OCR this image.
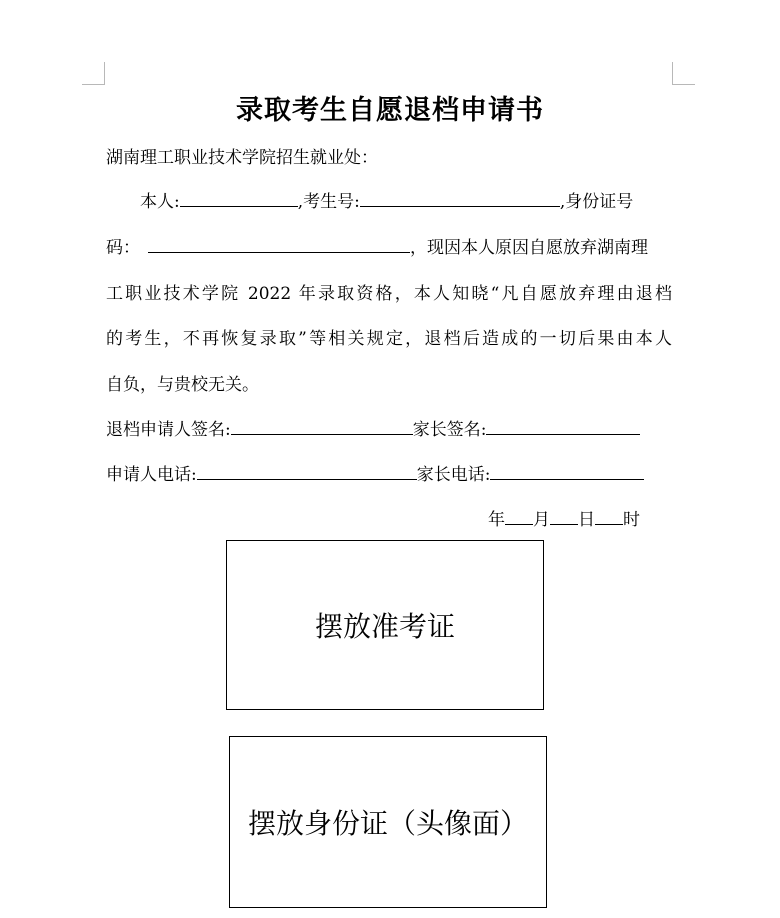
录取考生自愿退档申请书
湖南理工职业技术学院招生就业处：
本人:	,考生号:	,身份证号
码：	，现因本人原因自愿放弃湖南理
工职业技术学院 2022 年录取资格，本人知晓“凡自愿放弃理由退档
的考生，不再恢复录取”等相关规定，退档后造成的一切后果由本人
自负，与贵校无关。
退档申请人签名:	家长签名:
申请人电话:	家长电话:
年 月 日 时
摆放准考证
摆放身份证（头像面）
